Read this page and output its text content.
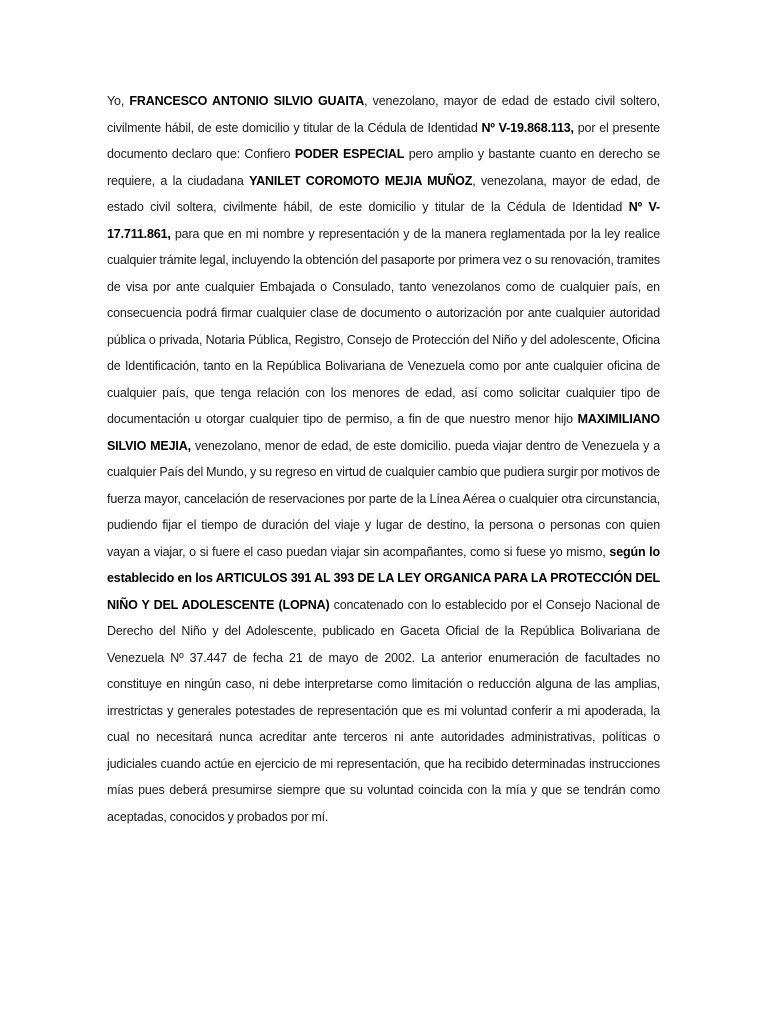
Yo, FRANCESCO ANTONIO SILVIO GUAITA, venezolano, mayor de edad de estado civil soltero, civilmente hábil, de este domicilio y titular de la Cédula de Identidad Nº V-19.868.113, por el presente documento declaro que: Confiero PODER ESPECIAL pero amplio y bastante cuanto en derecho se requiere, a la ciudadana YANILET COROMOTO MEJIA MUÑOZ, venezolana, mayor de edad, de estado civil soltera, civilmente hábil, de este domicilio y titular de la Cédula de Identidad Nº V-17.711.861, para que en mi nombre y representación y de la manera reglamentada por la ley realice cualquier trámite legal, incluyendo la obtención del pasaporte por primera vez o su renovación, tramites de visa por ante cualquier Embajada o Consulado, tanto venezolanos como de cualquier país, en consecuencia podrá firmar cualquier clase de documento o autorización por ante cualquier autoridad pública o privada, Notaria Pública, Registro, Consejo de Protección del Niño y del adolescente, Oficina de Identificación, tanto en la República Bolivariana de Venezuela como por ante cualquier oficina de cualquier país, que tenga relación con los menores de edad, así como solicitar cualquier tipo de documentación u otorgar cualquier tipo de permiso, a fin de que nuestro menor hijo MAXIMILIANO SILVIO MEJIA, venezolano, menor de edad, de este domicilio. pueda viajar dentro de Venezuela y a cualquier País del Mundo, y su regreso en virtud de cualquier cambio que pudiera surgir por motivos de fuerza mayor, cancelación de reservaciones por parte de la Línea Aérea o cualquier otra circunstancia, pudiendo fijar el tiempo de duración del viaje y lugar de destino, la persona o personas con quien vayan a viajar, o si fuere el caso puedan viajar sin acompañantes, como si fuese yo mismo, según lo establecido en los ARTICULOS 391 AL 393 DE LA LEY ORGANICA PARA LA PROTECCIÓN DEL NIÑO Y DEL ADOLESCENTE (LOPNA) concatenado con lo establecido por el Consejo Nacional de Derecho del Niño y del Adolescente, publicado en Gaceta Oficial de la República Bolivariana de Venezuela Nº 37.447 de fecha 21 de mayo de 2002. La anterior enumeración de facultades no constituye en ningún caso, ni debe interpretarse como limitación o reducción alguna de las amplias, irrestrictas y generales potestades de representación que es mi voluntad conferir a mi apoderada, la cual no necesitará nunca acreditar ante terceros ni ante autoridades administrativas, políticas o judiciales cuando actúe en ejercicio de mi representación, que ha recibido determinadas instrucciones mías pues deberá presumirse siempre que su voluntad coincida con la mía y que se tendrán como aceptadas, conocidos y probados por mí.
